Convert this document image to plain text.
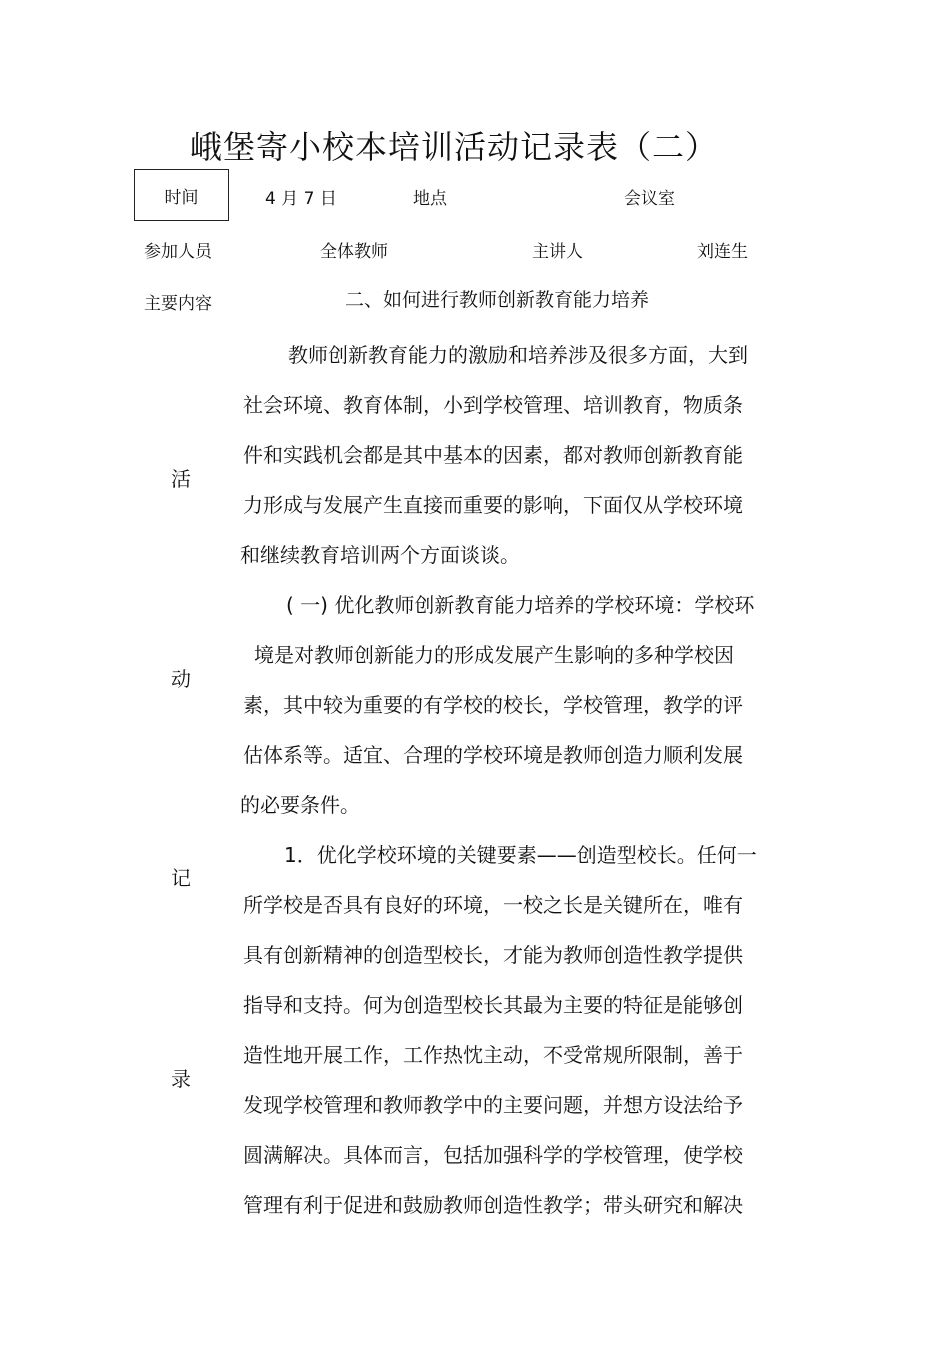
峨堡寄小校本培训活动记录表（二）
时间	4 月 7 日	地点	会议室
参加人员	全体教师	主讲人	刘连生
主要内容	二、如何进行教师创新教育能力培养
活
动
记
录
教师创新教育能力的激励和培养涉及很多方面，大到
社会环境、教育体制，小到学校管理、培训教育，物质条
件和实践机会都是其中基本的因素，都对教师创新教育能
力形成与发展产生直接而重要的影响，下面仅从学校环境
和继续教育培训两个方面谈谈。
( 一) 优化教师创新教育能力培养的学校环境：学校环
境是对教师创新能力的形成发展产生影响的多种学校因
素，其中较为重要的有学校的校长，学校管理，教学的评
估体系等。适宜、合理的学校环境是教师创造力顺利发展
的必要条件。
1．优化学校环境的关键要素——创造型校长。任何一
所学校是否具有良好的环境，一校之长是关键所在，唯有
具有创新精神的创造型校长，才能为教师创造性教学提供
指导和支持。何为创造型校长其最为主要的特征是能够创
造性地开展工作，工作热忱主动，不受常规所限制，善于
发现学校管理和教师教学中的主要问题，并想方设法给予
圆满解决。具体而言，包括加强科学的学校管理，使学校
管理有利于促进和鼓励教师创造性教学；带头研究和解决
